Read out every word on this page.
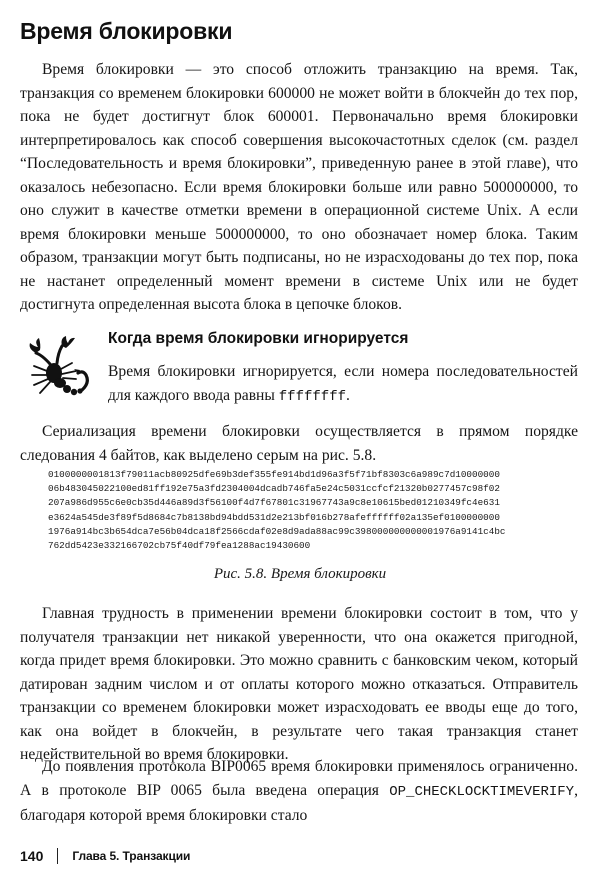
Время блокировки

Время блокировки — это способ отложить транзакцию на время. Так, транзакция со временем блокировки 600000 не может войти в блокчейн до тех пор, пока не будет достигнут блок 600001. Первоначально время блокировки интерпретировалось как способ совершения высокочастотных сделок (см. раздел “Последовательность и время блокировки”, приведенную ранее в этой главе), что оказалось небезопасно. Если время блокировки больше или равно 500000000, то оно служит в качестве отметки времени в операционной системе Unix. А если время блокировки меньше 500000000, то оно обозначает номер блока. Таким образом, транзакции могут быть подписаны, но не израсходованы до тех пор, пока не настанет определенный момент времени в системе Unix или не будет достигнута определенная высота блока в цепочке блоков.

Когда время блокировки игнорируется

Время блокировки игнорируется, если номера последовательностей для каждого ввода равны ffffffff.

Сериализация времени блокировки осуществляется в прямом порядке следования 4 байтов, как выделено серым на рис. 5.8.

0100000001813f79011acb80925dfe69b3def355fe914bd1d96a3f5f71bf8303c6a989c7d10000000
06b483045022100ed81ff192e75a3fd2304004dcadb746fa5e24c5031ccfcf21320b0277457c98f02
207a986d955c6e0cb35d446a89d3f56100f4d7f67801c31967743a9c8e10615bed01210349fc4e631
e3624a545de3f89f5d8684c7b8138bd94bdd531d2e213bf016b278afeffffff02a135ef0100000000
1976a914bc3b654dca7e56b04dca18f2566cdaf02e8d9ada88ac99c398000000000001976a9141c4bc
762dd5423e332166702cb75f40df79fea1288ac19430600

Рис. 5.8. Время блокировки

Главная трудность в применении времени блокировки состоит в том, что у получателя транзакции нет никакой уверенности, что она окажется пригодной, когда придет время блокировки. Это можно сравнить с банковским чеком, который датирован задним числом и от оплаты которого можно отказаться. Отправитель транзакции со временем блокировки может израсходовать ее вводы еще до того, как она войдет в блокчейн, в результате чего такая транзакция станет недействительной во время блокировки.

До появления протокола BIP0065 время блокировки применялось ограниченно. А в протоколе BIP 0065 была введена операция OP_CHECKLOCKTIMEVERIFY, благодаря которой время блокировки стало

140 Глава 5. Транзакции
